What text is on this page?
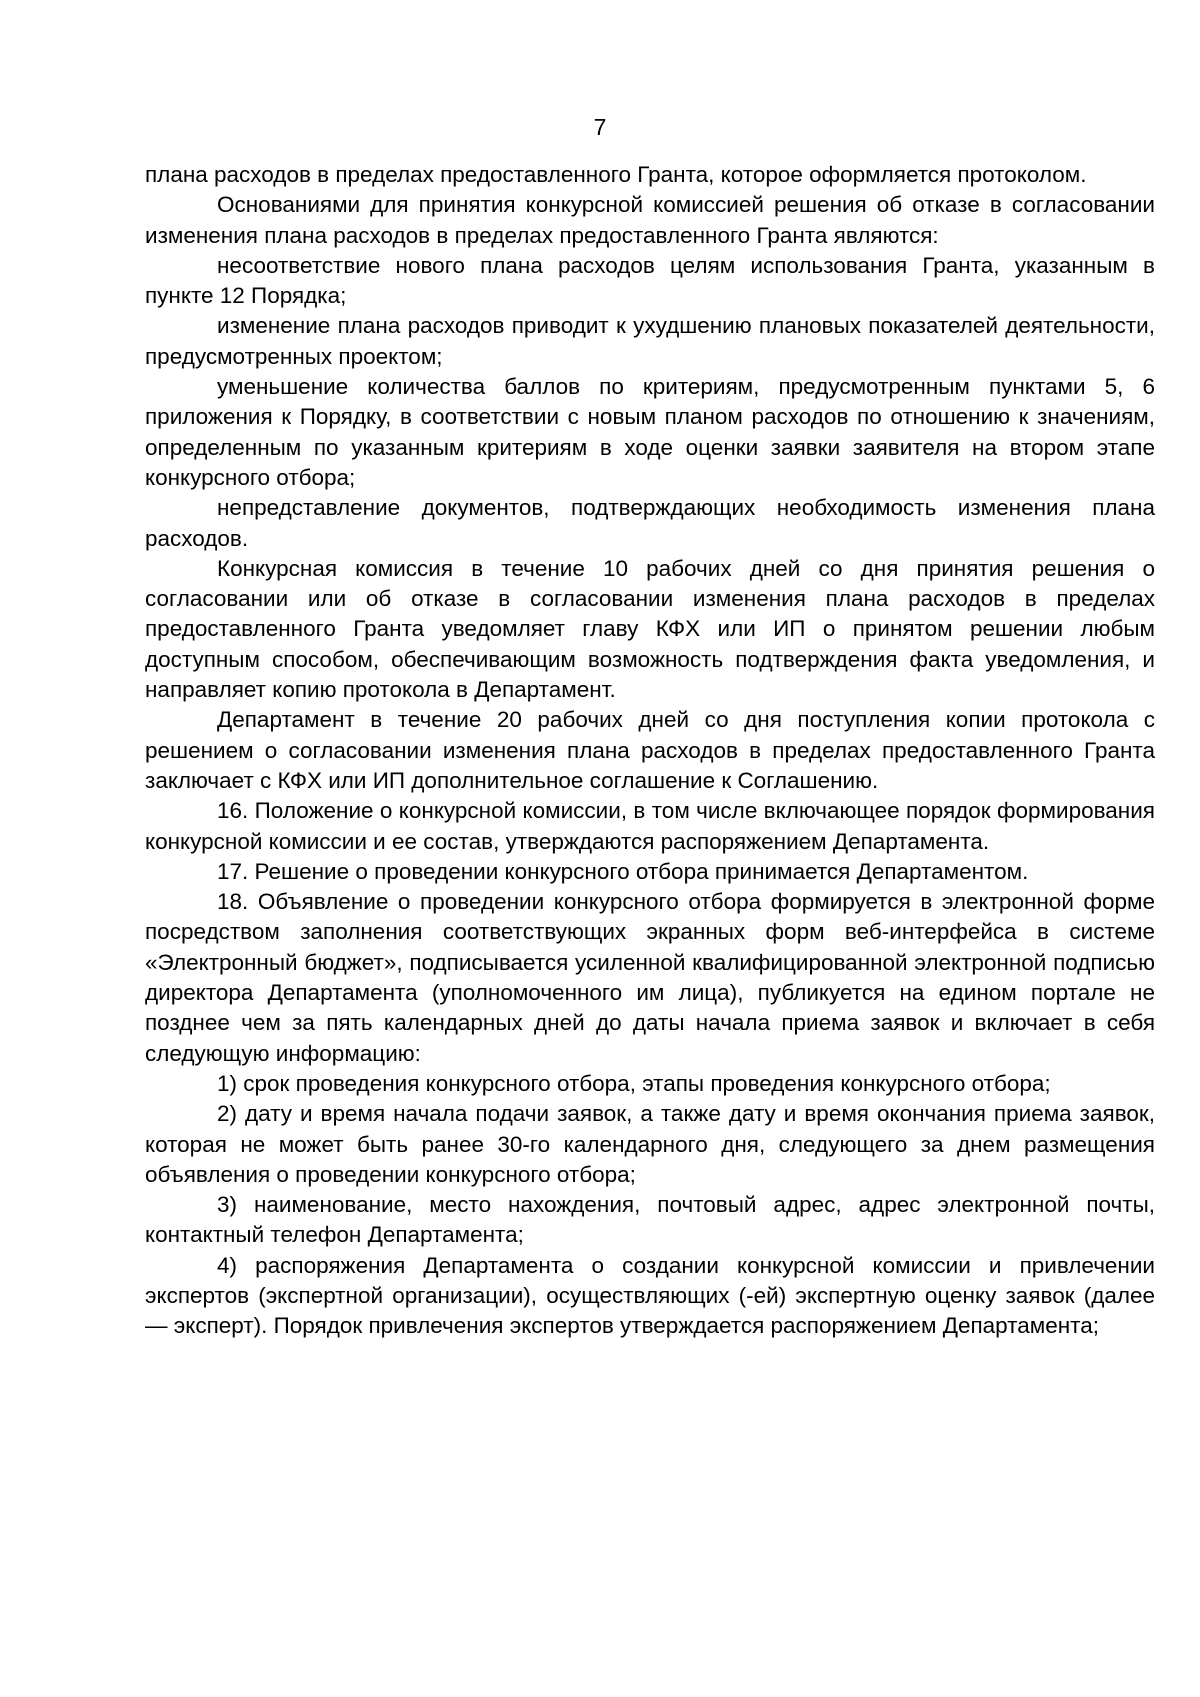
7

плана расходов в пределах предоставленного Гранта, которое оформляется протоколом.

Основаниями для принятия конкурсной комиссией решения об отказе в согласовании изменения плана расходов в пределах предоставленного Гранта являются:

несоответствие нового плана расходов целям использования Гранта, указанным в пункте 12 Порядка;

изменение плана расходов приводит к ухудшению плановых показателей деятельности, предусмотренных проектом;

уменьшение количества баллов по критериям, предусмотренным пунктами 5, 6 приложения к Порядку, в соответствии с новым планом расходов по отношению к значениям, определенным по указанным критериям в ходе оценки заявки заявителя на втором этапе конкурсного отбора;

непредставление документов, подтверждающих необходимость изменения плана расходов.

Конкурсная комиссия в течение 10 рабочих дней со дня принятия решения о согласовании или об отказе в согласовании изменения плана расходов в пределах предоставленного Гранта уведомляет главу КФХ или ИП о принятом решении любым доступным способом, обеспечивающим возможность подтверждения факта уведомления, и направляет копию протокола в Департамент.

Департамент в течение 20 рабочих дней со дня поступления копии протокола с решением о согласовании изменения плана расходов в пределах предоставленного Гранта заключает с КФХ или ИП дополнительное соглашение к Соглашению.

16. Положение о конкурсной комиссии, в том числе включающее порядок формирования конкурсной комиссии и ее состав, утверждаются распоряжением Департамента.

17. Решение о проведении конкурсного отбора принимается Департаментом.

18. Объявление о проведении конкурсного отбора формируется в электронной форме посредством заполнения соответствующих экранных форм веб-интерфейса в системе «Электронный бюджет», подписывается усиленной квалифицированной электронной подписью директора Департамента (уполномоченного им лица), публикуется на едином портале не позднее чем за пять календарных дней до даты начала приема заявок и включает в себя следующую информацию:

1) срок проведения конкурсного отбора, этапы проведения конкурсного отбора;

2) дату и время начала подачи заявок, а также дату и время окончания приема заявок, которая не может быть ранее 30-го календарного дня, следующего за днем размещения объявления о проведении конкурсного отбора;

3) наименование, место нахождения, почтовый адрес, адрес электронной почты, контактный телефон Департамента;

4) распоряжения Департамента о создании конкурсной комиссии и привлечении экспертов (экспертной организации), осуществляющих (-ей) экспертную оценку заявок (далее — эксперт). Порядок привлечения экспертов утверждается распоряжением Департамента;
